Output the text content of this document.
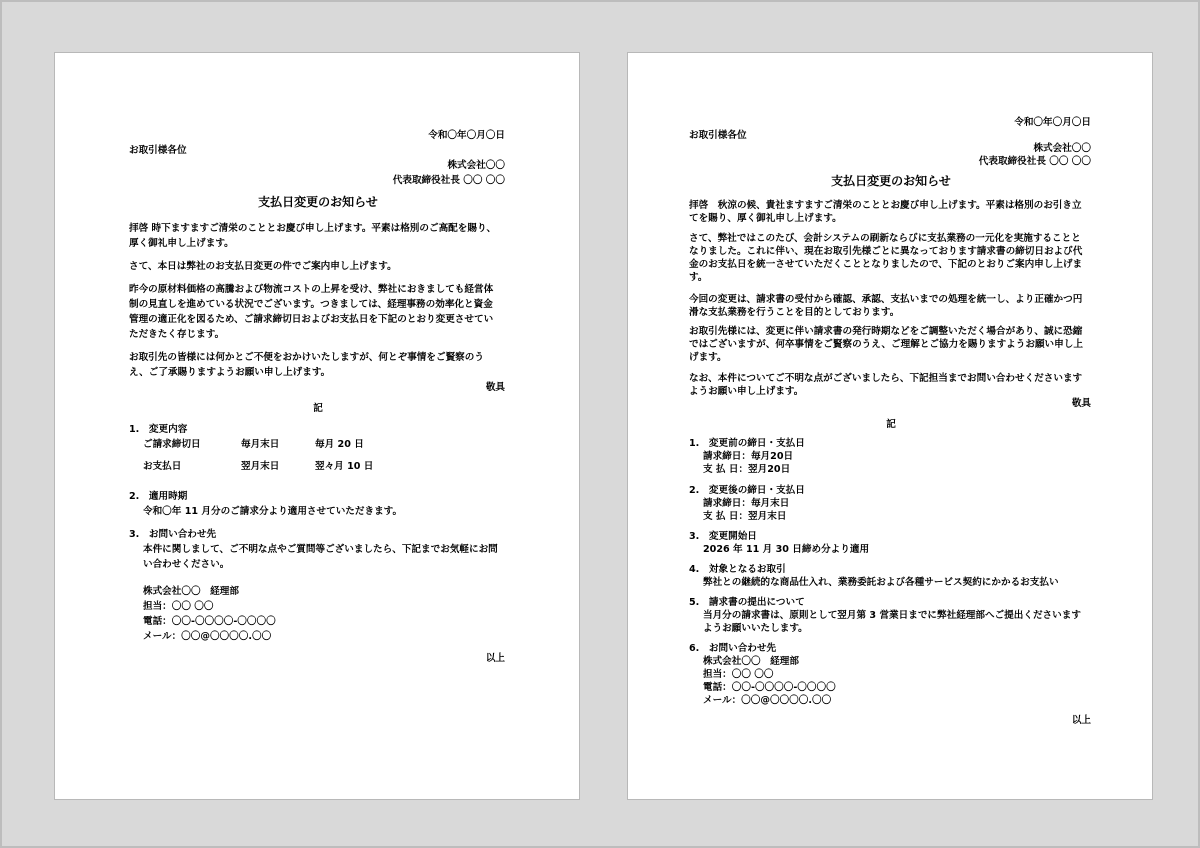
令和〇年〇月〇日
お取引様各位
株式会社〇〇
代表取締役社長 〇〇 〇〇
支払日変更のお知らせ
拝啓 時下ますますご清栄のこととお慶び申し上げます。平素は格別のご高配を賜り、
厚く御礼申し上げます。
さて、本日は弊社のお支払日変更の件でご案内申し上げます。
昨今の原材料価格の高騰および物流コストの上昇を受け、弊社におきましても経営体
制の見直しを進めている状況でございます。つきましては、経理事務の効率化と資金
管理の適正化を図るため、ご請求締切日およびお支払日を下記のとおり変更させてい
ただきたく存じます。
お取引先の皆様には何かとご不便をおかけいたしますが、何とぞ事情をご賢察のう
え、ご了承賜りますようお願い申し上げます。
敬具
記
1.　変更内容
ご請求締切日	毎月末日	毎月 20 日
お支払日	翌月末日	翌々月 10 日
2.　適用時期
令和〇年 11 月分のご請求分より適用させていただきます。
3.　お問い合わせ先
本件に関しまして、ご不明な点やご質問等ございましたら、下記までお気軽にお問
い合わせください。
株式会社〇〇　経理部
担当：〇〇 〇〇
電話：〇〇-〇〇〇〇-〇〇〇〇
メール：〇〇@〇〇〇〇.〇〇
以上
令和〇年〇月〇日
お取引様各位
株式会社〇〇
代表取締役社長 〇〇 〇〇
支払日変更のお知らせ
拝啓　秋涼の候、貴社ますますご清栄のこととお慶び申し上げます。平素は格別のお引き立
てを賜り、厚く御礼申し上げます。
さて、弊社ではこのたび、会計システムの刷新ならびに支払業務の一元化を実施することと
なりました。これに伴い、現在お取引先様ごとに異なっております請求書の締切日および代
金のお支払日を統一させていただくこととなりましたので、下記のとおりご案内申し上げま
す。
今回の変更は、請求書の受付から確認、承認、支払いまでの処理を統一し、より正確かつ円
滑な支払業務を行うことを目的としております。
お取引先様には、変更に伴い請求書の発行時期などをご調整いただく場合があり、誠に恐縮
ではございますが、何卒事情をご賢察のうえ、ご理解とご協力を賜りますようお願い申し上
げます。
なお、本件についてご不明な点がございましたら、下記担当までお問い合わせくださいます
ようお願い申し上げます。
敬具
記
1.　変更前の締日・支払日
請求締日：毎月20日
支 払 日：翌月20日
2.　変更後の締日・支払日
請求締日：毎月末日
支 払 日：翌月末日
3.　変更開始日
2026 年 11 月 30 日締め分より適用
4.　対象となるお取引
弊社との継続的な商品仕入れ、業務委託および各種サービス契約にかかるお支払い
5.　請求書の提出について
当月分の請求書は、原則として翌月第 3 営業日までに弊社経理部へご提出くださいます
ようお願いいたします。
6.　お問い合わせ先
株式会社〇〇　経理部
担当：〇〇 〇〇
電話：〇〇-〇〇〇〇-〇〇〇〇
メール：〇〇@〇〇〇〇.〇〇
以上
